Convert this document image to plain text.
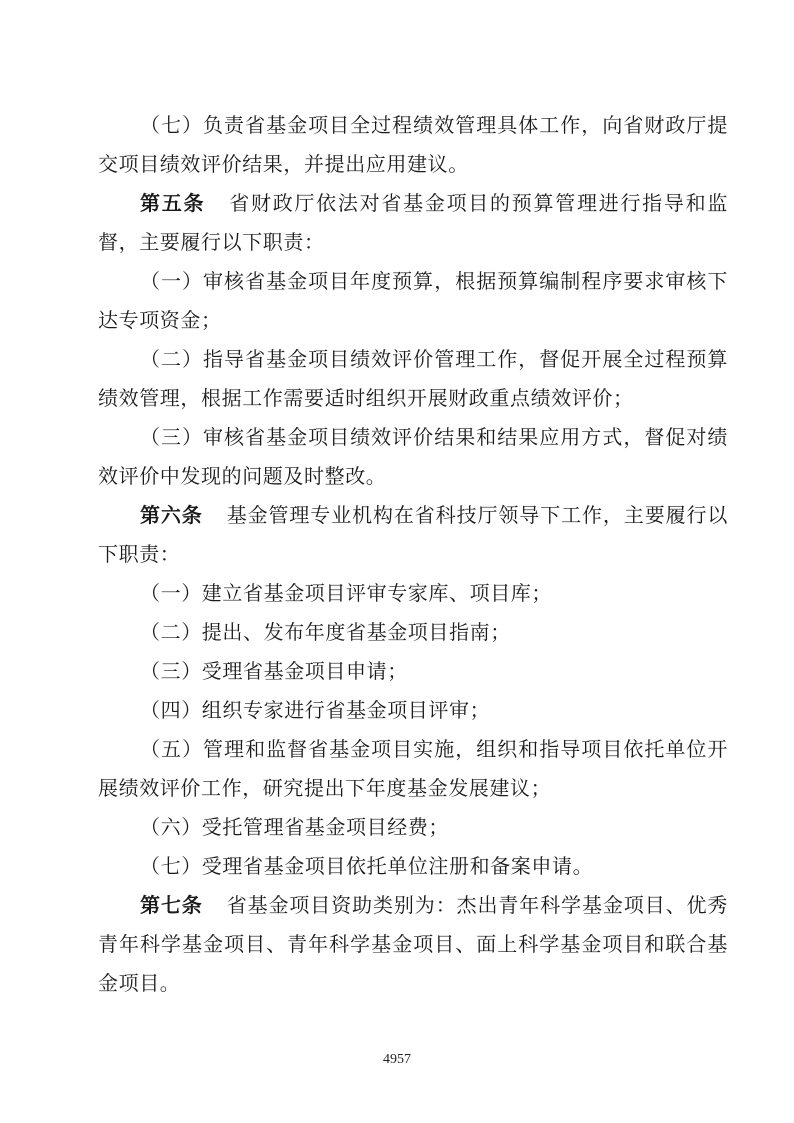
（七）负责省基金项目全过程绩效管理具体工作，向省财政厅提交项目绩效评价结果，并提出应用建议。

第五条 省财政厅依法对省基金项目的预算管理进行指导和监督，主要履行以下职责：

（一）审核省基金项目年度预算，根据预算编制程序要求审核下达专项资金；

（二）指导省基金项目绩效评价管理工作，督促开展全过程预算绩效管理，根据工作需要适时组织开展财政重点绩效评价；

（三）审核省基金项目绩效评价结果和结果应用方式，督促对绩效评价中发现的问题及时整改。

第六条 基金管理专业机构在省科技厅领导下工作，主要履行以下职责：

（一）建立省基金项目评审专家库、项目库；

（二）提出、发布年度省基金项目指南；

（三）受理省基金项目申请；

（四）组织专家进行省基金项目评审；

（五）管理和监督省基金项目实施，组织和指导项目依托单位开展绩效评价工作，研究提出下年度基金发展建议；

（六）受托管理省基金项目经费；

（七）受理省基金项目依托单位注册和备案申请。

第七条 省基金项目资助类别为：杰出青年科学基金项目、优秀青年科学基金项目、青年科学基金项目、面上科学基金项目和联合基金项目。

4957
